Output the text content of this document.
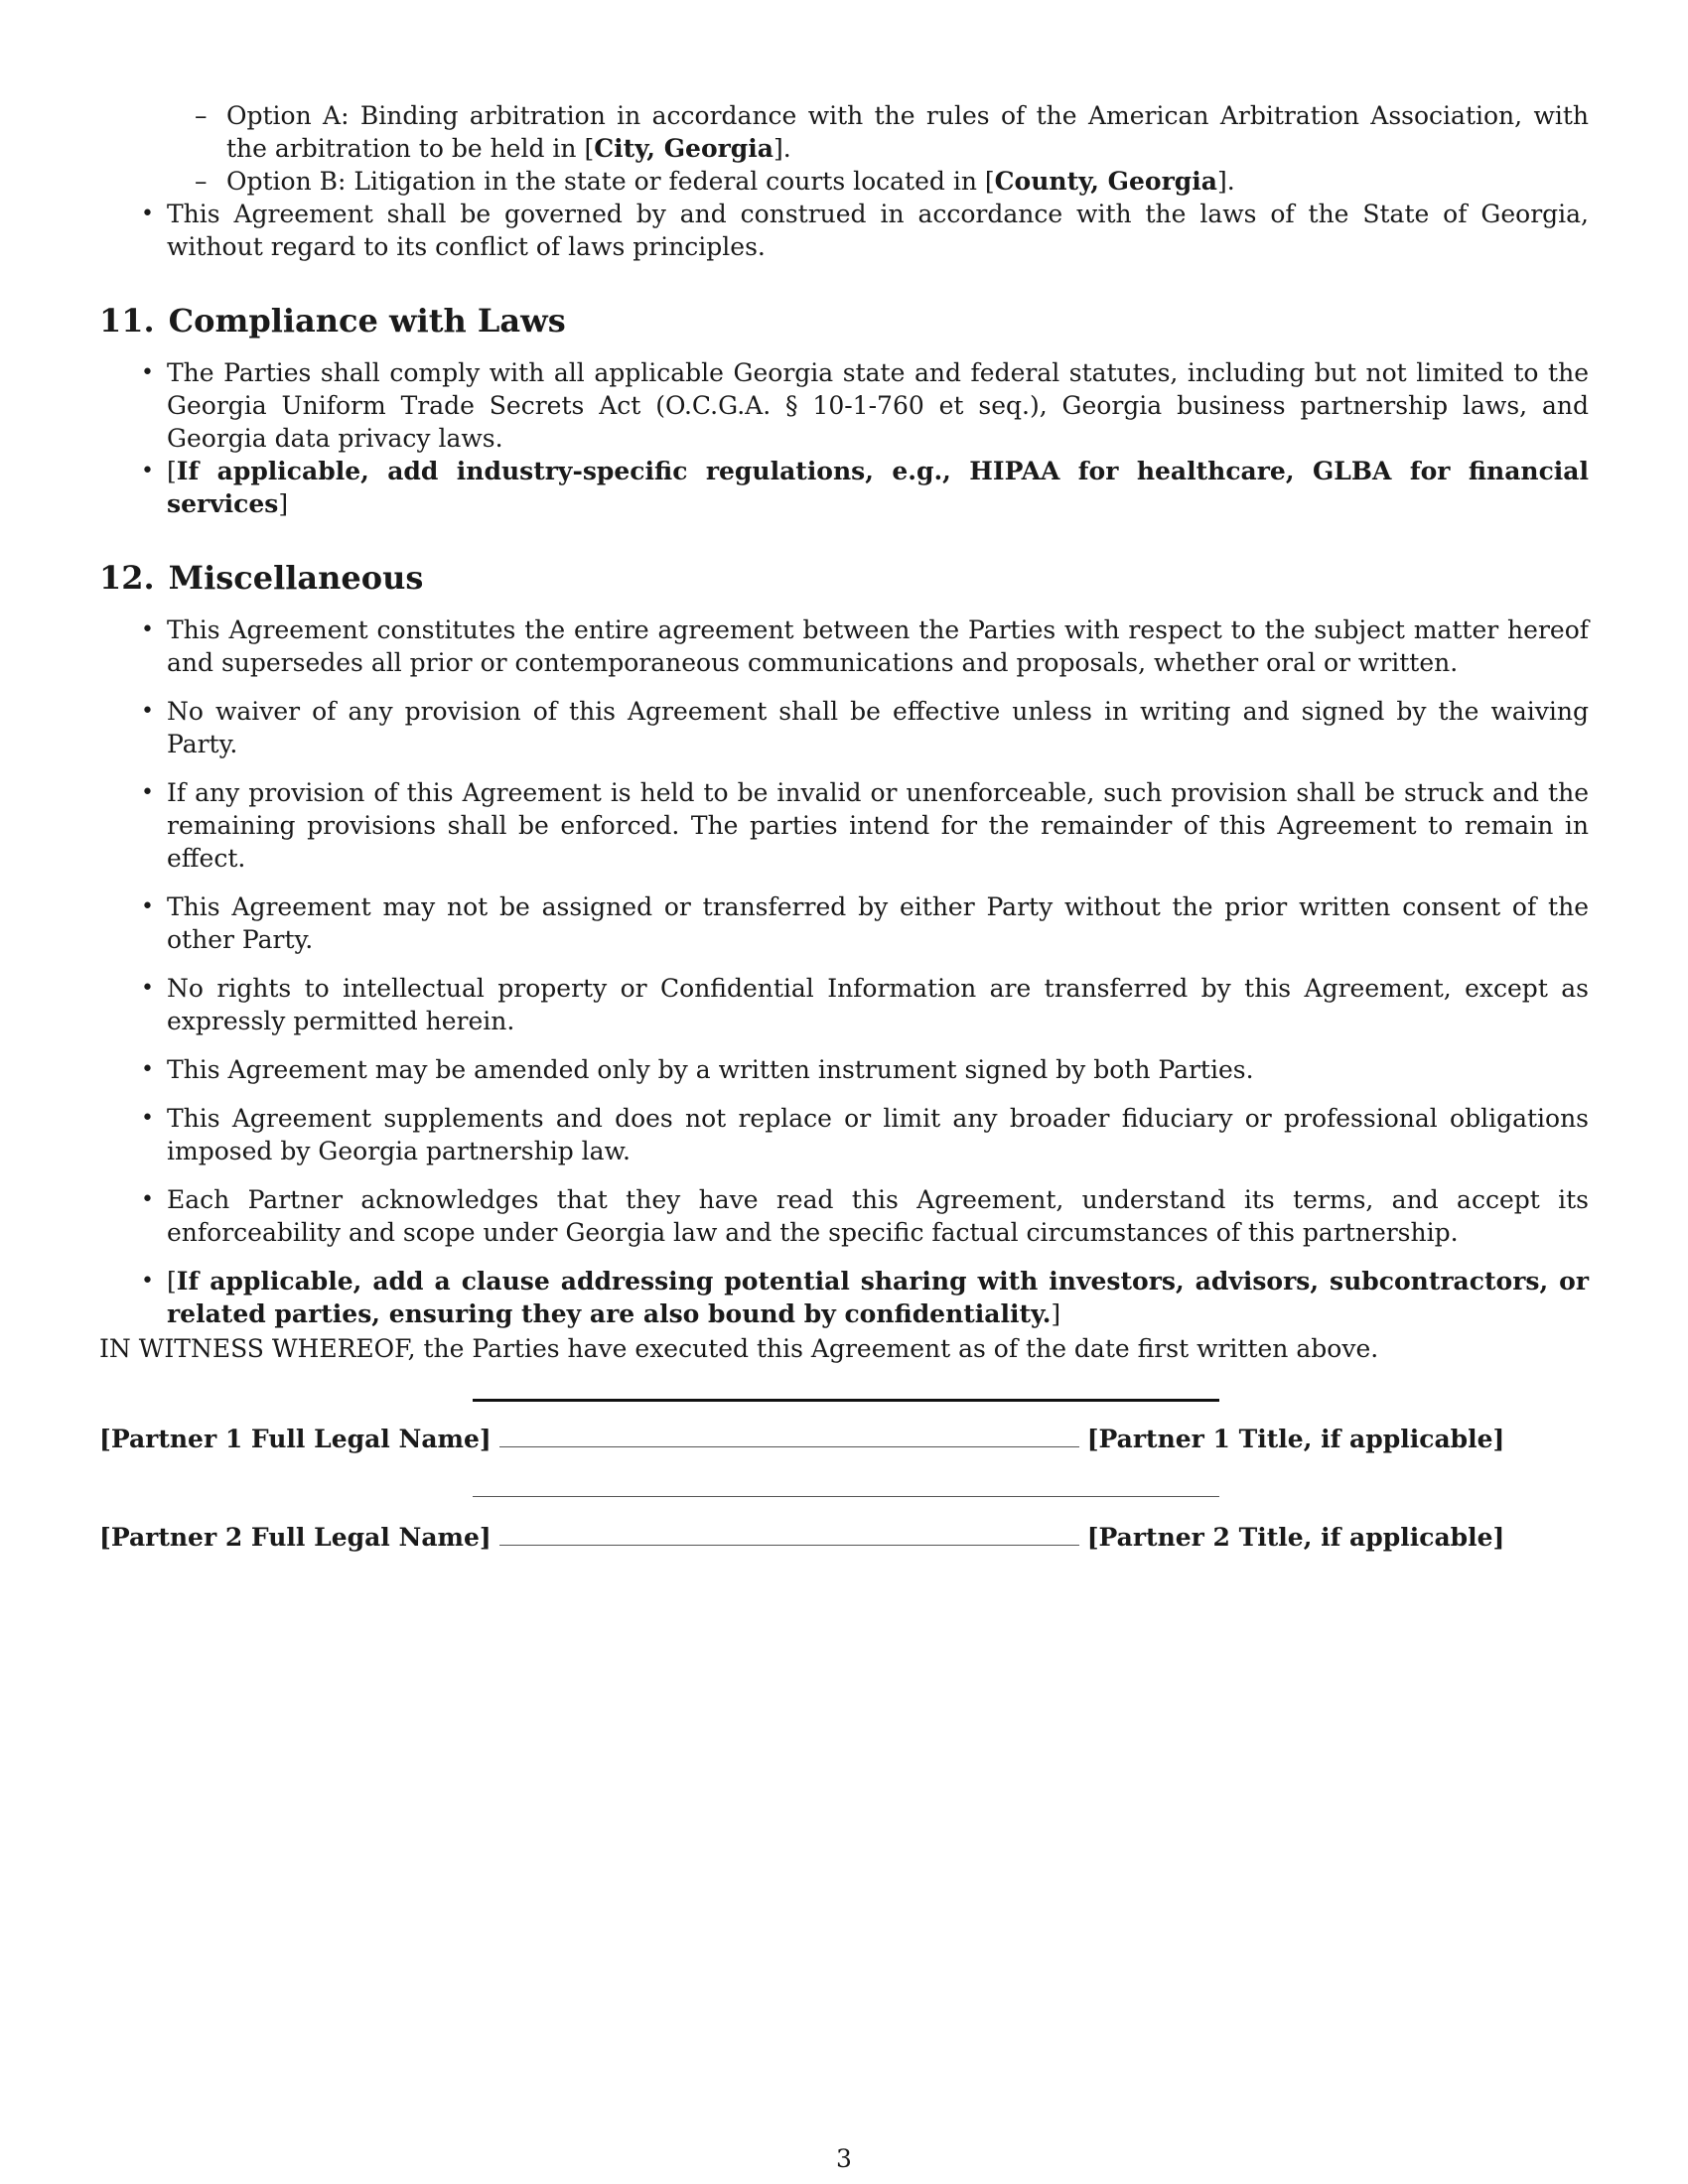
– Option A: Binding arbitration in accordance with the rules of the American Arbitration Association, with the arbitration to be held in [City, Georgia].
– Option B: Litigation in the state or federal courts located in [County, Georgia].
• This Agreement shall be governed by and construed in accordance with the laws of the State of Georgia, without regard to its conflict of laws principles.
11. Compliance with Laws
• The Parties shall comply with all applicable Georgia state and federal statutes, including but not limited to the Georgia Uniform Trade Secrets Act (O.C.G.A. § 10-1-760 et seq.), Georgia business partnership laws, and Georgia data privacy laws.
• [If applicable, add industry-specific regulations, e.g., HIPAA for healthcare, GLBA for financial services]
12. Miscellaneous
• This Agreement constitutes the entire agreement between the Parties with respect to the subject matter hereof and supersedes all prior or contemporaneous communications and proposals, whether oral or written.
• No waiver of any provision of this Agreement shall be effective unless in writing and signed by the waiving Party.
• If any provision of this Agreement is held to be invalid or unenforceable, such provision shall be struck and the remaining provisions shall be enforced. The parties intend for the remainder of this Agreement to remain in effect.
• This Agreement may not be assigned or transferred by either Party without the prior written consent of the other Party.
• No rights to intellectual property or Confidential Information are transferred by this Agreement, except as expressly permitted herein.
• This Agreement may be amended only by a written instrument signed by both Parties.
• This Agreement supplements and does not replace or limit any broader fiduciary or professional obligations imposed by Georgia partnership law.
• Each Partner acknowledges that they have read this Agreement, understand its terms, and accept its enforceability and scope under Georgia law and the specific factual circumstances of this partnership.
• [If applicable, add a clause addressing potential sharing with investors, advisors, subcontractors, or related parties, ensuring they are also bound by confidentiality.]
IN WITNESS WHEREOF, the Parties have executed this Agreement as of the date first written above.
[Partner 1 Full Legal Name]	[Partner 1 Title, if applicable]
[Partner 2 Full Legal Name]	[Partner 2 Title, if applicable]
3
